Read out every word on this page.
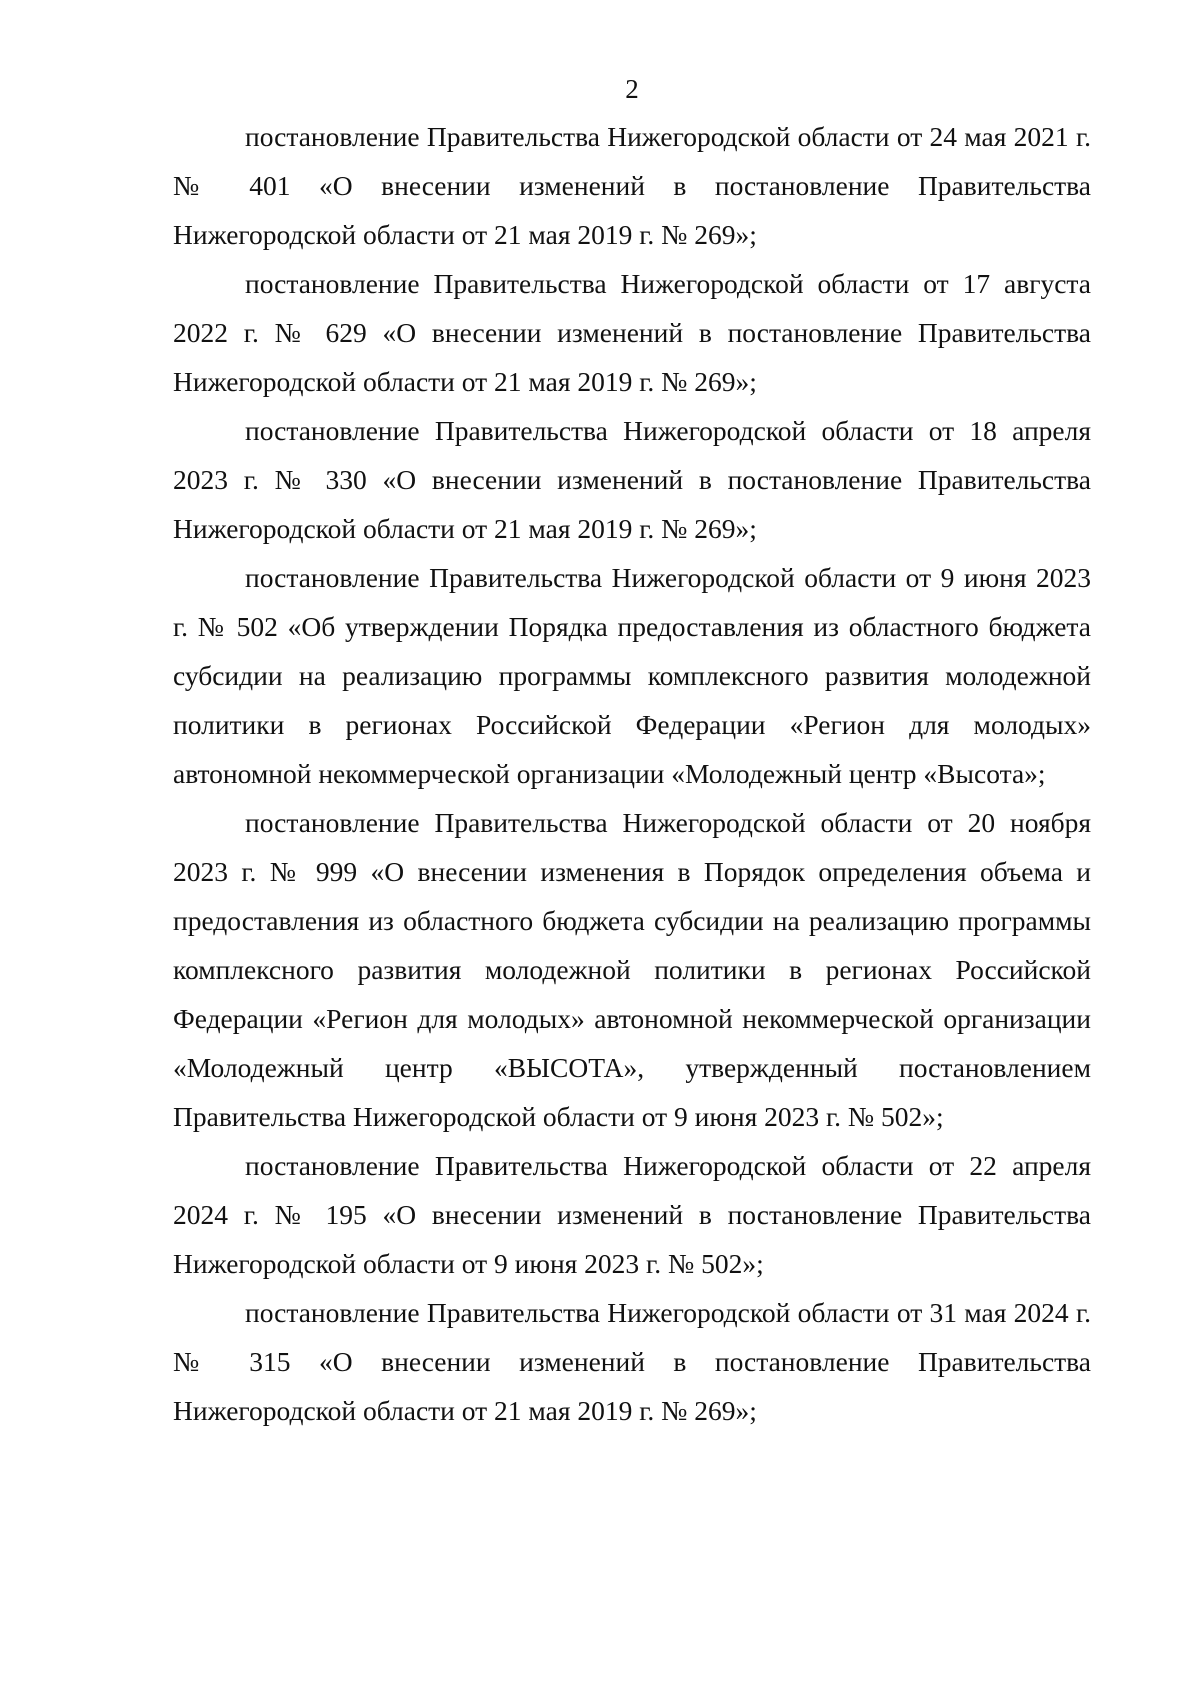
2

постановление Правительства Нижегородской области от 24 мая 2021 г. № 401 «О внесении изменений в постановление Правительства Нижегородской области от 21 мая 2019 г. № 269»;

постановление Правительства Нижегородской области от 17 августа 2022 г. № 629 «О внесении изменений в постановление Правительства Нижегородской области от 21 мая 2019 г. № 269»;

постановление Правительства Нижегородской области от 18 апреля 2023 г. № 330 «О внесении изменений в постановление Правительства Нижегородской области от 21 мая 2019 г. № 269»;

постановление Правительства Нижегородской области от 9 июня 2023 г. № 502 «Об утверждении Порядка предоставления из областного бюджета субсидии на реализацию программы комплексного развития молодежной политики в регионах Российской Федерации «Регион для молодых» автономной некоммерческой организации «Молодежный центр «Высота»;

постановление Правительства Нижегородской области от 20 ноября 2023 г. № 999 «О внесении изменения в Порядок определения объема и предоставления из областного бюджета субсидии на реализацию программы комплексного развития молодежной политики в регионах Российской Федерации «Регион для молодых» автономной некоммерческой организации «Молодежный центр «ВЫСОТА», утвержденный постановлением Правительства Нижегородской области от 9 июня 2023 г. № 502»;

постановление Правительства Нижегородской области от 22 апреля 2024 г. № 195 «О внесении изменений в постановление Правительства Нижегородской области от 9 июня 2023 г. № 502»;

постановление Правительства Нижегородской области от 31 мая 2024 г. № 315 «О внесении изменений в постановление Правительства Нижегородской области от 21 мая 2019 г. № 269»;
